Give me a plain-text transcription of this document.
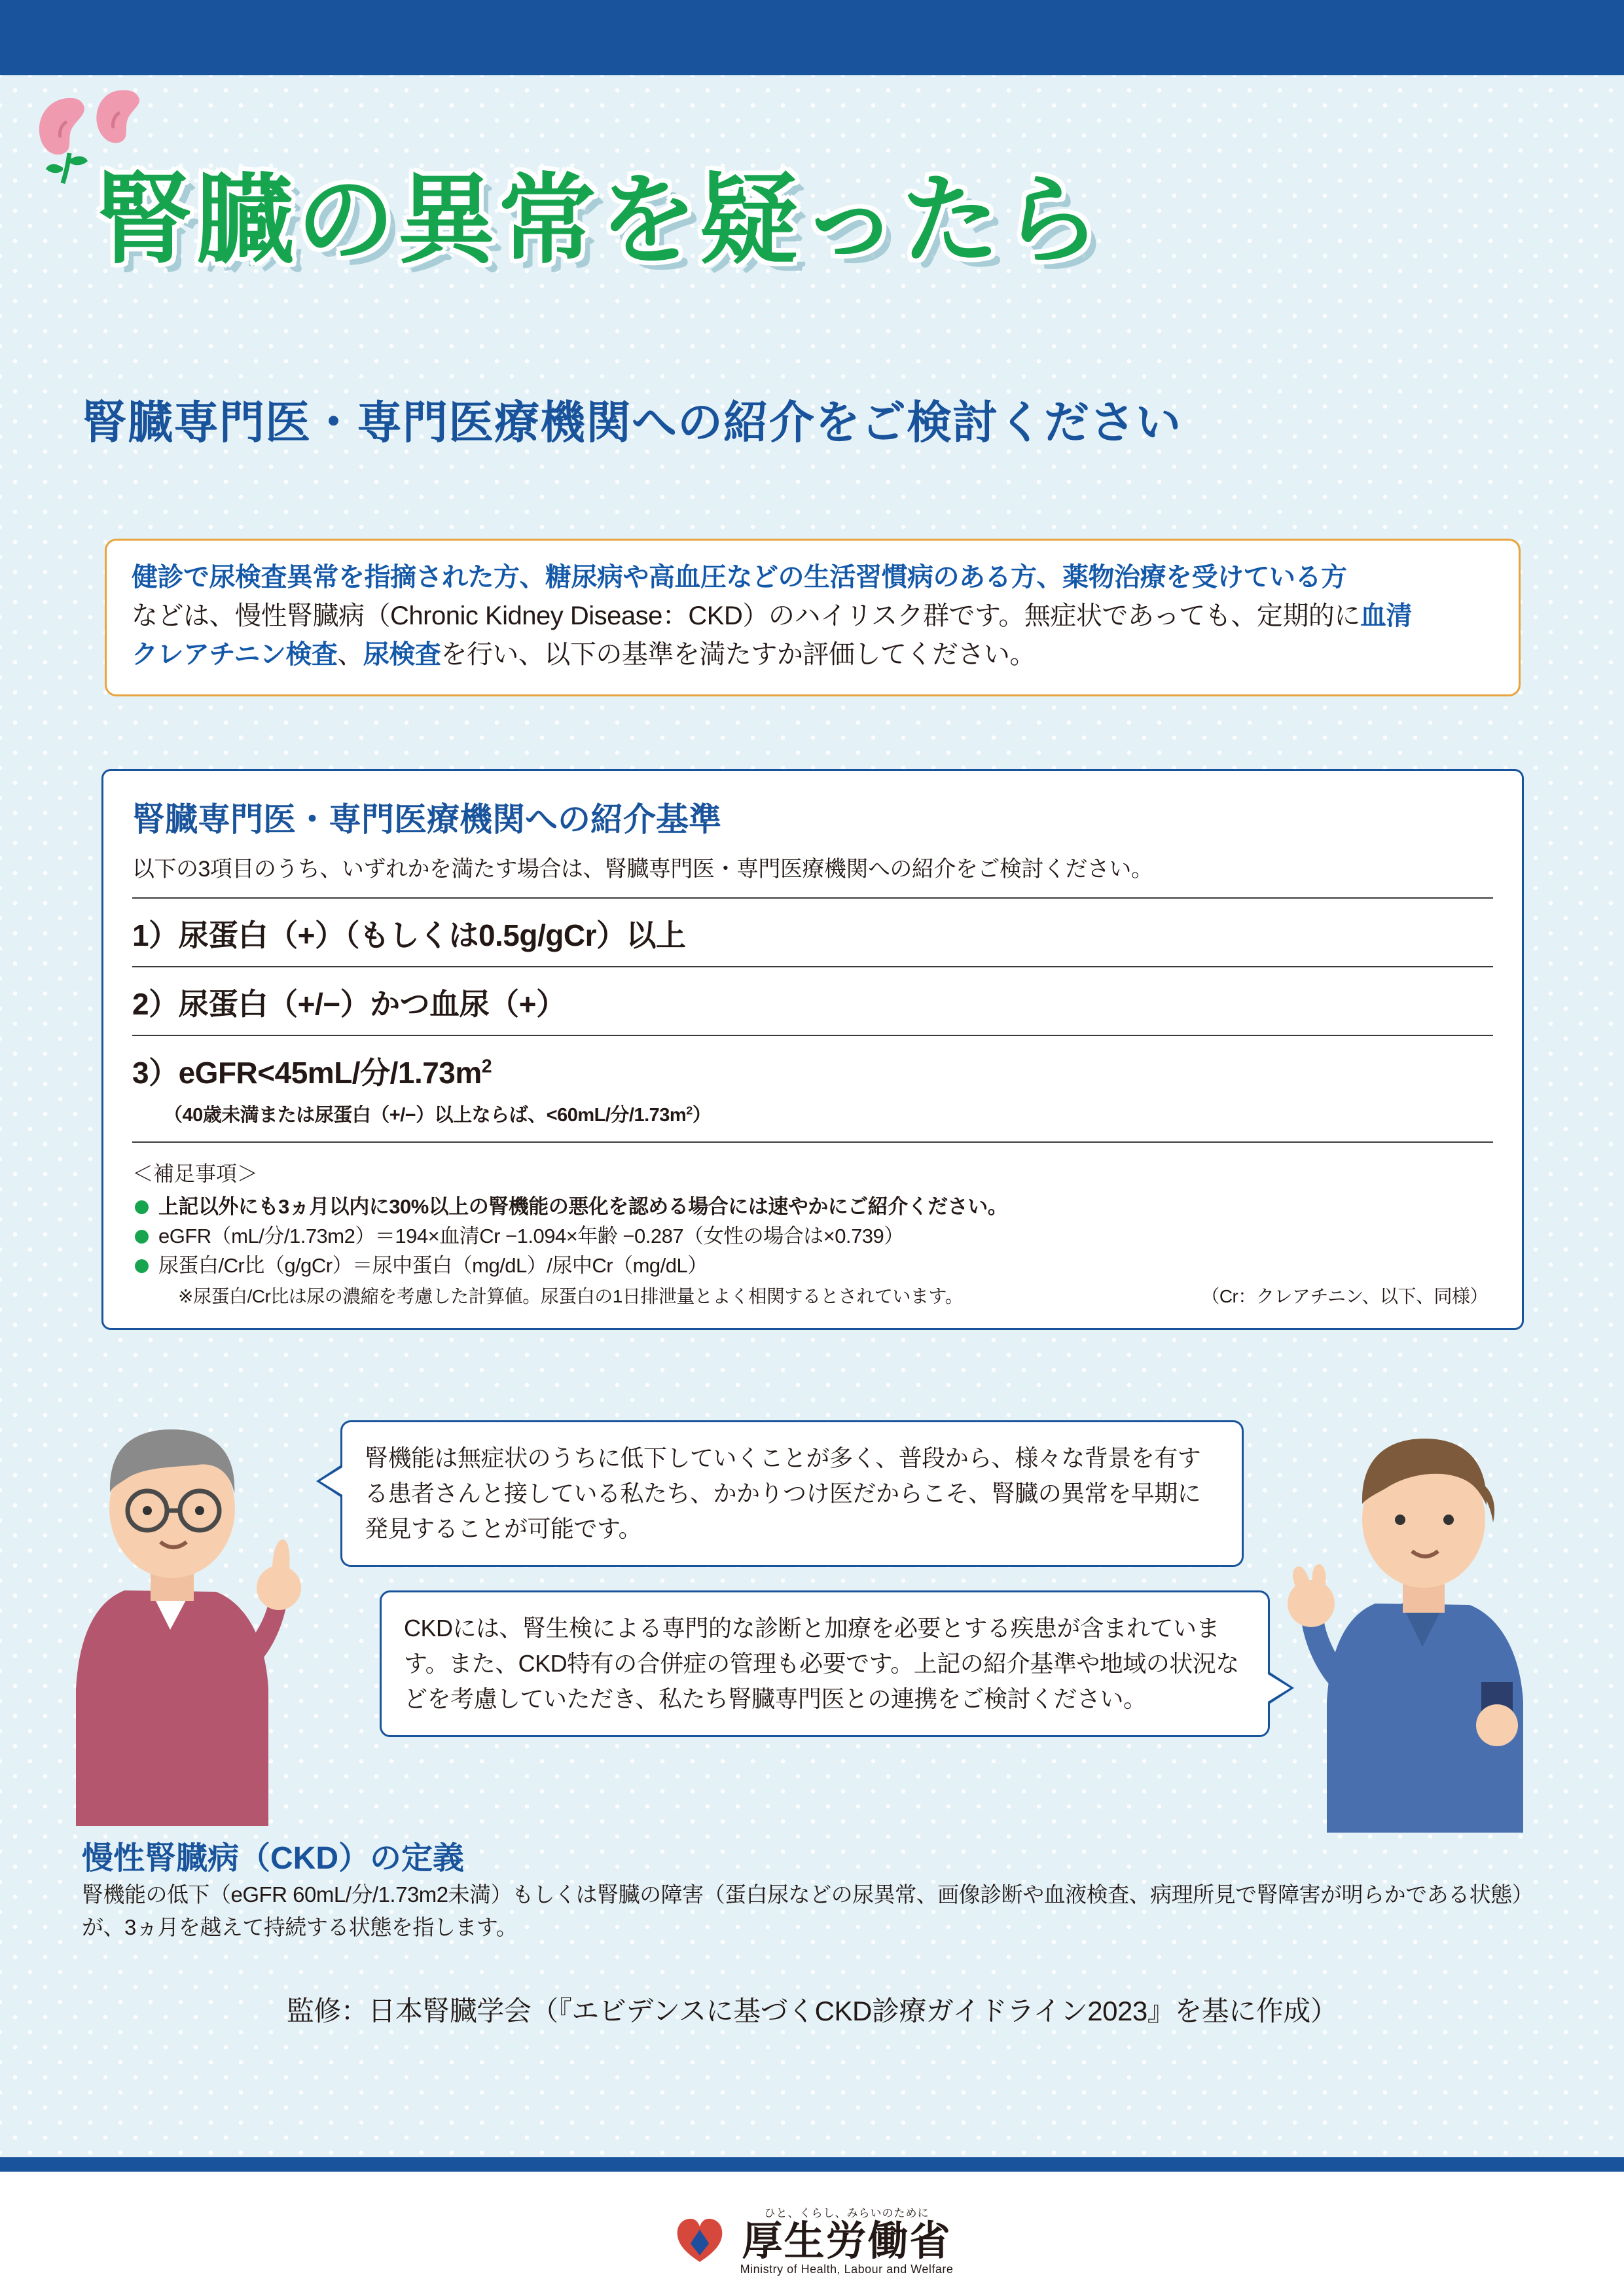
腎臓の異常を疑ったら
腎臓専門医・専門医療機関への紹介をご検討ください
健診で尿検査異常を指摘された方、糖尿病や高血圧などの生活習慣病のある方、薬物治療を受けている方
などは、慢性腎臓病（Chronic Kidney Disease：CKD）のハイリスク群です。無症状であっても、定期的に血清
クレアチニン検査、尿検査を行い、以下の基準を満たすか評価してください。
腎臓専門医・専門医療機関への紹介基準
以下の3項目のうち、いずれかを満たす場合は、腎臓専門医・専門医療機関への紹介をご検討ください。
1）尿蛋白（+）（もしくは0.5g/gCr）以上
2）尿蛋白（+/−）かつ血尿（+）
3）eGFR<45mL/分$/1.73m^2$
（40歳未満または尿蛋白（+/−）以上ならば、<60mL/分$/1.73m^2$）
＜補足事項＞
上記以外にも3ヵ月以内に30%以上の腎機能の悪化を認める場合には速やかにご紹介ください。
eGFR（mL/分/1.73m2）＝194×血清Cr −1.094×年齢 −0.287（女性の場合は×0.739）
尿蛋白/Cr比（g/gCr）＝尿中蛋白（mg/dL）/尿中Cr（mg/dL）
※尿蛋白/Cr比は尿の濃縮を考慮した計算値。尿蛋白の1日排泄量とよく相関するとされています。	（Cr：クレアチニン、以下、同様）
腎機能は無症状のうちに低下していくことが多く、普段から、様々な背景を有する患者さんと接している私たち、かかりつけ医だからこそ、腎臓の異常を早期に発見することが可能です。
CKDには、腎生検による専門的な診断と加療を必要とする疾患が含まれています。また、CKD特有の合併症の管理も必要です。上記の紹介基準や地域の状況などを考慮していただき、私たち腎臓専門医との連携をご検討ください。
慢性腎臓病（CKD）の定義
腎機能の低下（eGFR 60mL/分/1.73m2未満）もしくは腎臓の障害（蛋白尿などの尿異常、画像診断や血液検査、病理所見で腎障害が明らかである状態）が、3ヵ月を越えて持続する状態を指します。
監修：日本腎臓学会（『エビデンスに基づくCKD診療ガイドライン2023』を基に作成）
ひと、くらし、みらいのために
厚生労働省
Ministry of Health, Labour and Welfare
